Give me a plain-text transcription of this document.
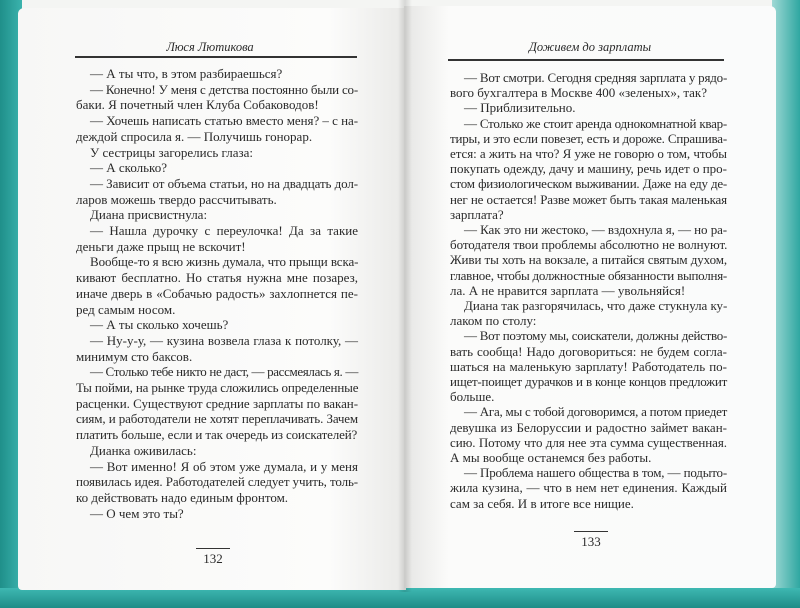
Люся Лютикова
— А ты что, в этом разбираешься?
— Конечно! У меня с детства постоянно были со-
баки. Я почетный член Клуба Собаководов!
— Хочешь написать статью вместо меня? – с на-
деждой спросила я. — Получишь гонорар.
У сестрицы загорелись глаза:
— А сколько?
— Зависит от объема статьи, но на двадцать дол-
ларов можешь твердо рассчитывать.
Диана присвистнула:
— Нашла дурочку с переулочка! Да за такие
деньги даже прыщ не вскочит!
Вообще-то я всю жизнь думала, что прыщи вска-
кивают бесплатно. Но статья нужна мне позарез,
иначе дверь в «Собачью радость» захлопнется пе-
ред самым носом.
— А ты сколько хочешь?
— Ну-у-у, — кузина возвела глаза к потолку, —
минимум сто баксов.
— Столько тебе никто не даст, — рассмеялась я. —
Ты пойми, на рынке труда сложились определенные
расценки. Существуют средние зарплаты по вакан-
сиям, и работодатели не хотят переплачивать. Зачем
платить больше, если и так очередь из соискателей?
Дианка оживилась:
— Вот именно! Я об этом уже думала, и у меня
появилась идея. Работодателей следует учить, толь-
ко действовать надо единым фронтом.
— О чем это ты?
132
Доживем до зарплаты
— Вот смотри. Сегодня средняя зарплата у рядо-
вого бухгалтера в Москве 400 «зеленых», так?
— Приблизительно.
— Столько же стоит аренда однокомнатной квар-
тиры, и это если повезет, есть и дороже. Спрашива-
ется: а жить на что? Я уже не говорю о том, чтобы
покупать одежду, дачу и машину, речь идет о про-
стом физиологическом выживании. Даже на еду де-
нег не остается! Разве может быть такая маленькая
зарплата?
— Как это ни жестоко, — вздохнула я, — но ра-
ботодателя твои проблемы абсолютно не волнуют.
Живи ты хоть на вокзале, а питайся святым духом,
главное, чтобы должностные обязанности выполня-
ла. А не нравится зарплата — увольняйся!
Диана так разгорячилась, что даже стукнула ку-
лаком по столу:
— Вот поэтому мы, соискатели, должны действо-
вать сообща! Надо договориться: не будем согла-
шаться на маленькую зарплату! Работодатель по-
ищет-поищет дурачков и в конце концов предложит
больше.
— Ага, мы с тобой договоримся, а потом приедет
девушка из Белоруссии и радостно займет вакан-
сию. Потому что для нее эта сумма существенная.
А мы вообще останемся без работы.
— Проблема нашего общества в том, — подыто-
жила кузина, — что в нем нет единения. Каждый
сам за себя. И в итоге все нищие.
133
